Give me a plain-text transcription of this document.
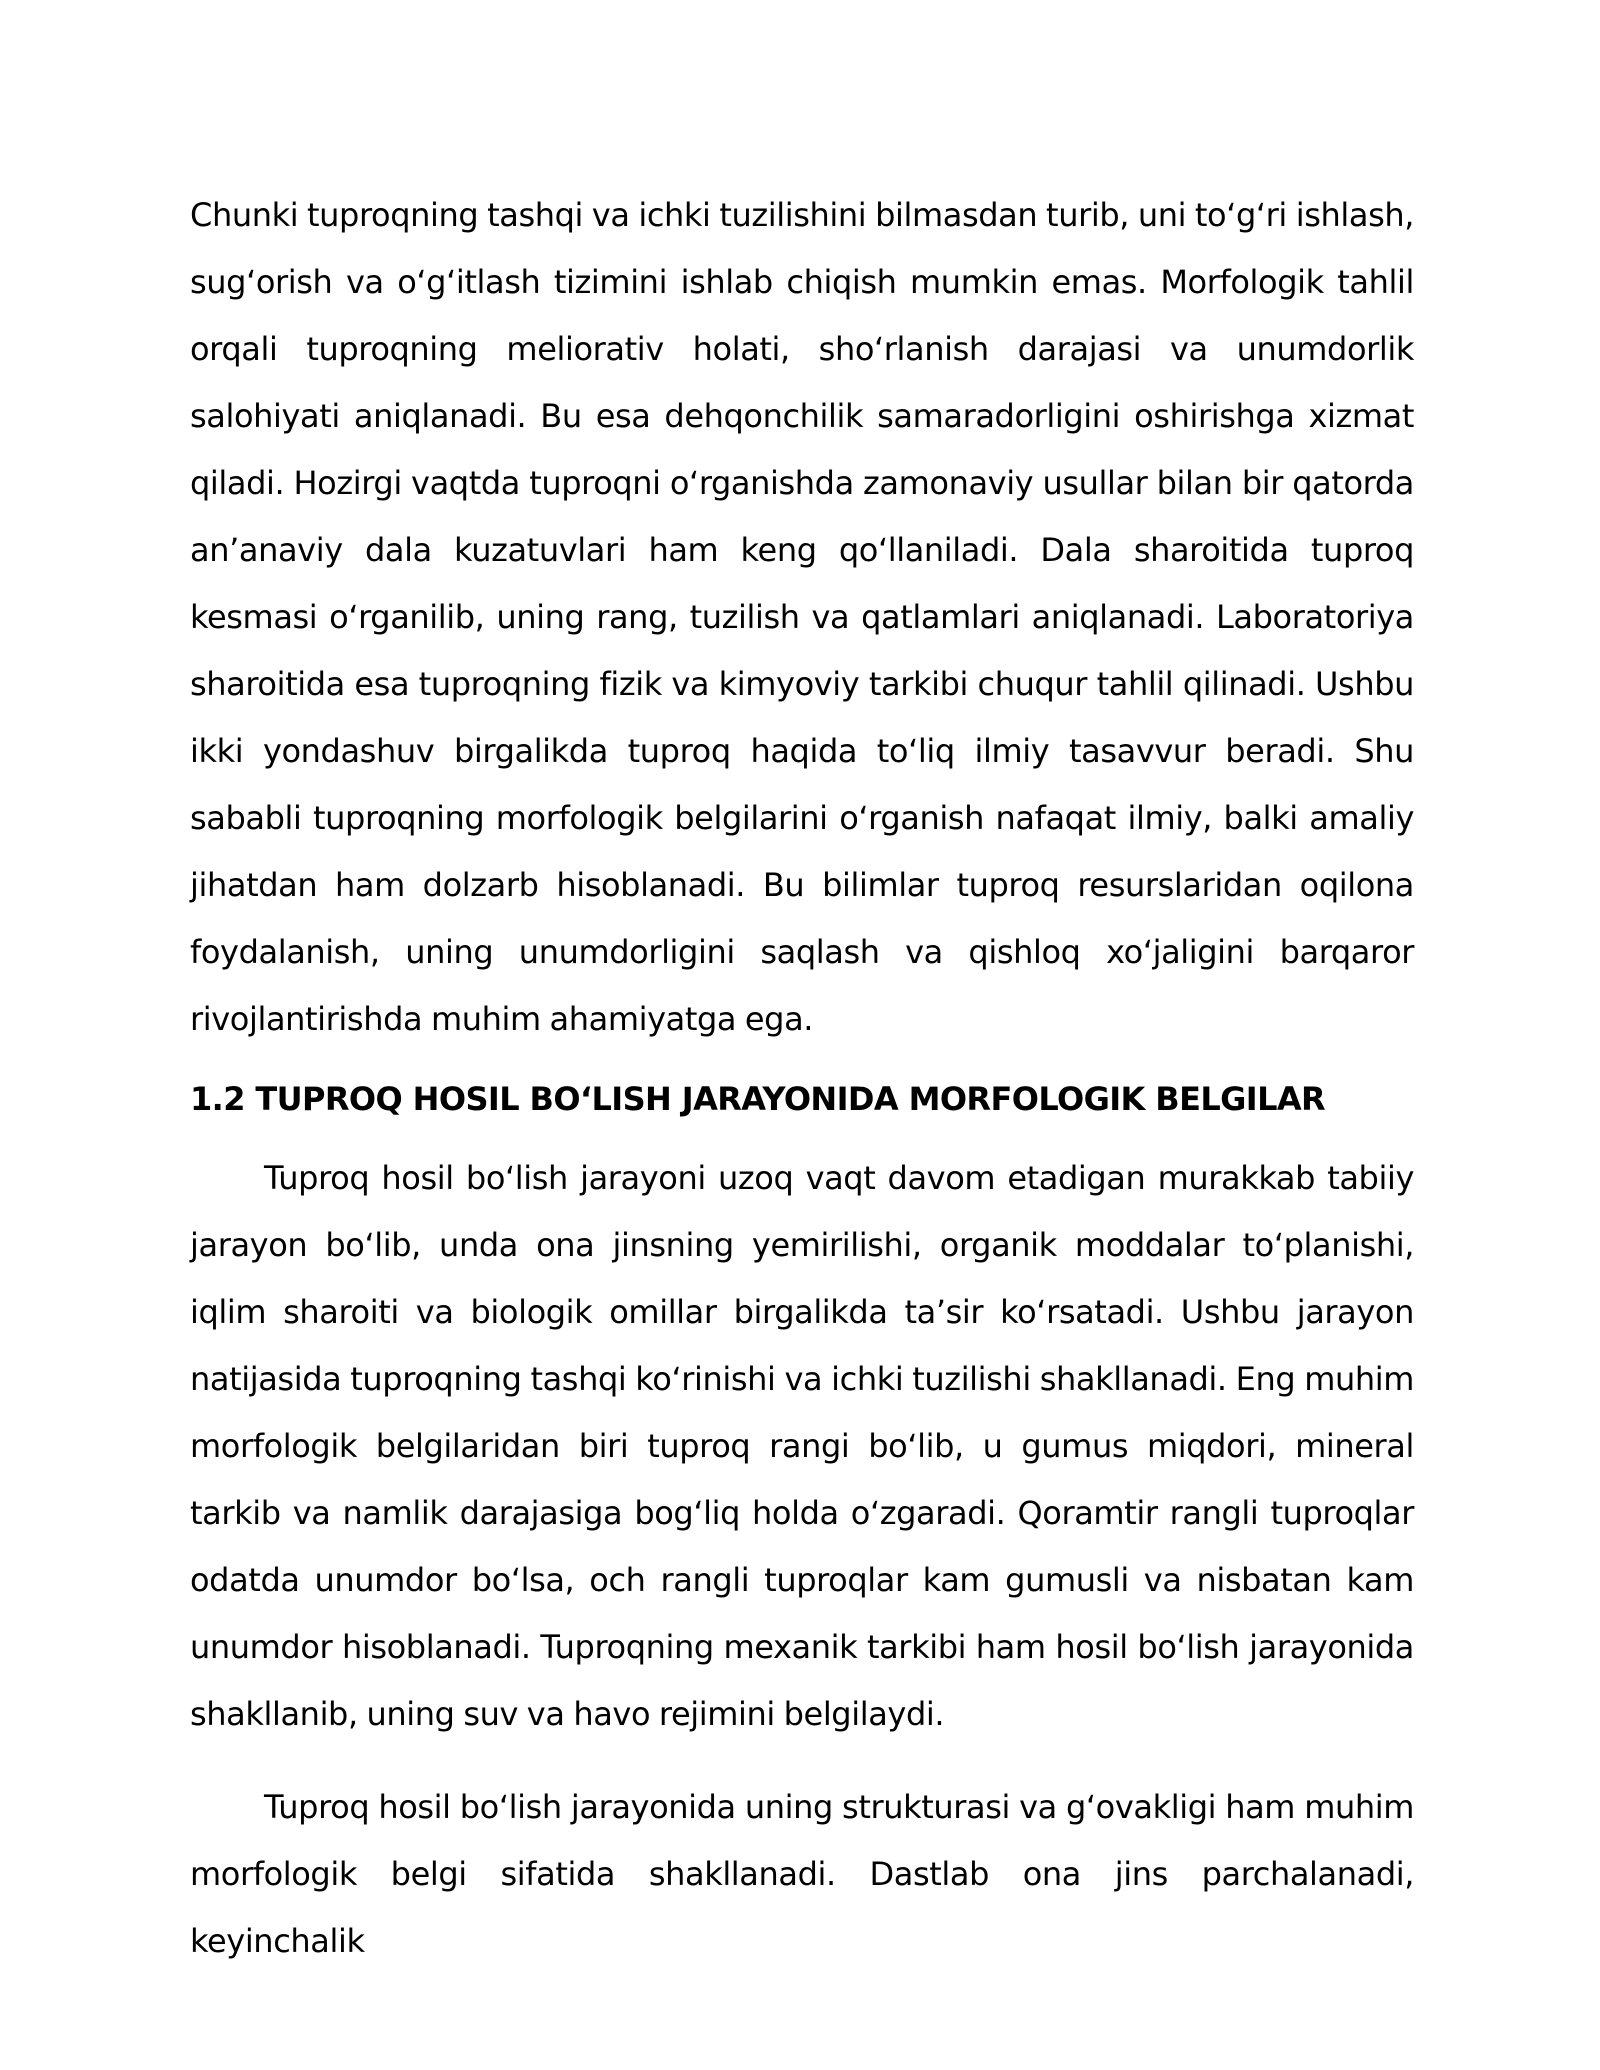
Chunki tuproqning tashqi va ichki tuzilishini bilmasdan turib, uni to‘g‘ri ishlash, sug‘orish va o‘g‘itlash tizimini ishlab chiqish mumkin emas. Morfologik tahlil orqali tuproqning meliorativ holati, sho‘rlanish darajasi va unumdorlik salohiyati aniqlanadi. Bu esa dehqonchilik samaradorligini oshirishga xizmat qiladi. Hozirgi vaqtda tuproqni o‘rganishda zamonaviy usullar bilan bir qatorda an’anaviy dala kuzatuvlari ham keng qo‘llaniladi. Dala sharoitida tuproq kesmasi o‘rganilib, uning rang, tuzilish va qatlamlari aniqlanadi. Laboratoriya sharoitida esa tuproqning fizik va kimyoviy tarkibi chuqur tahlil qilinadi. Ushbu ikki yondashuv birgalikda tuproq haqida to‘liq ilmiy tasavvur beradi. Shu sababli tuproqning morfologik belgilarini o‘rganish nafaqat ilmiy, balki amaliy jihatdan ham dolzarb hisoblanadi. Bu bilimlar tuproq resurslaridan oqilona foydalanish, uning unumdorligini saqlash va qishloq xo‘jaligini barqaror rivojlantirishda muhim ahamiyatga ega.

1.2 TUPROQ HOSIL BO‘LISH JARAYONIDA MORFOLOGIK BELGILAR

Tuproq hosil bo‘lish jarayoni uzoq vaqt davom etadigan murakkab tabiiy jarayon bo‘lib, unda ona jinsning yemirilishi, organik moddalar to‘planishi, iqlim sharoiti va biologik omillar birgalikda ta’sir ko‘rsatadi. Ushbu jarayon natijasida tuproqning tashqi ko‘rinishi va ichki tuzilishi shakllanadi. Eng muhim morfologik belgilaridan biri tuproq rangi bo‘lib, u gumus miqdori, mineral tarkib va namlik darajasiga bog‘liq holda o‘zgaradi. Qoramtir rangli tuproqlar odatda unumdor bo‘lsa, och rangli tuproqlar kam gumusli va nisbatan kam unumdor hisoblanadi. Tuproqning mexanik tarkibi ham hosil bo‘lish jarayonida shakllanib, uning suv va havo rejimini belgilaydi.

Tuproq hosil bo‘lish jarayonida uning strukturasi va g‘ovakligi ham muhim morfologik belgi sifatida shakllanadi. Dastlab ona jins parchalanadi, keyinchalik
